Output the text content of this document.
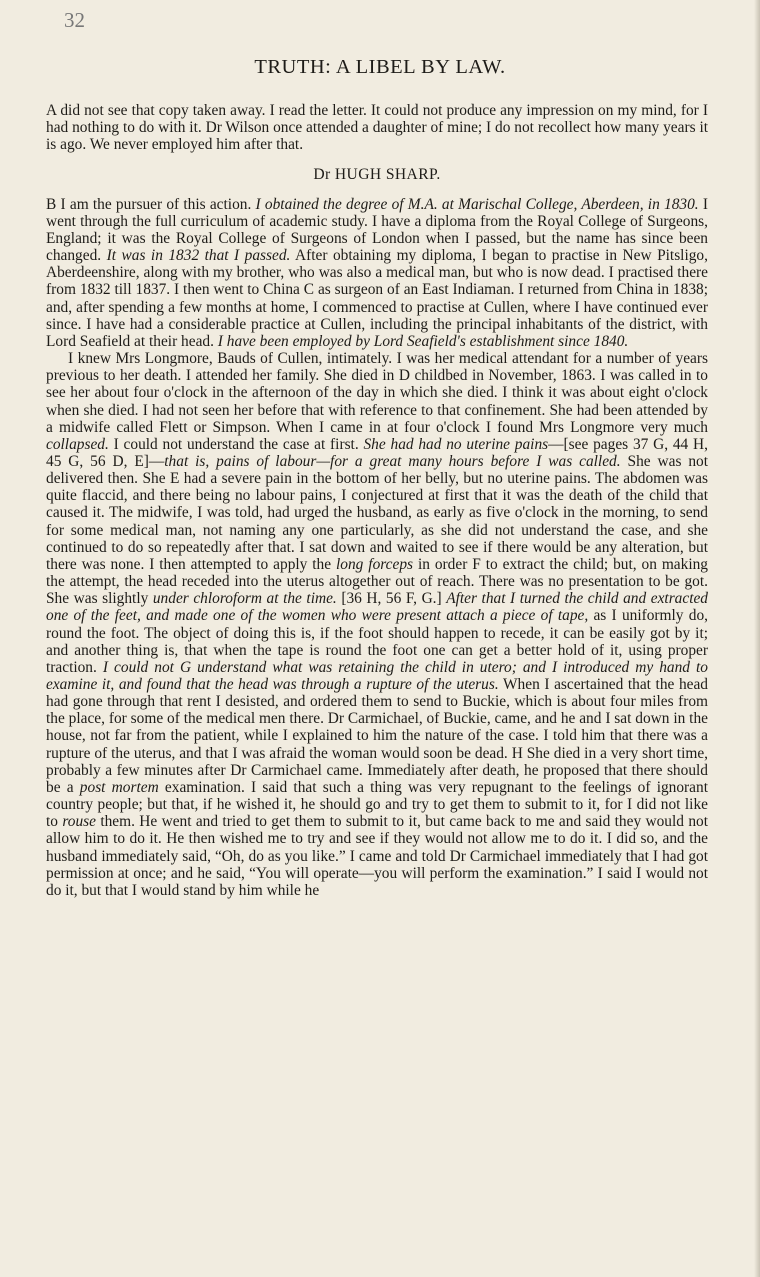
32
TRUTH: A LIBEL BY LAW.

A did not see that copy taken away. I read the letter. It could not produce any impression on my mind, for I had nothing to do with it. Dr Wilson once attended a daughter of mine; I do not recollect how many years it is ago. We never employed him after that.

Dr HUGH SHARP.

B I am the pursuer of this action. I obtained the degree of M.A. at Marischal College, Aberdeen, in 1830. I went through the full curriculum of academic study. I have a diploma from the Royal College of Surgeons, England; it was the Royal College of Surgeons of London when I passed, but the name has since been changed. It was in 1832 that I passed. After obtaining my diploma, I began to practise in New Pitsligo, Aberdeenshire, along with my brother, who was also a medical man, but who is now dead. I practised there from 1832 till 1837. I then went to China C as surgeon of an East Indiaman. I returned from China in 1838; and, after spending a few months at home, I commenced to practise at Cullen, where I have continued ever since. I have had a considerable practice at Cullen, including the principal inhabitants of the district, with Lord Seafield at their head. I have been employed by Lord Seafield's establishment since 1840.

I knew Mrs Longmore, Bauds of Cullen, intimately. I was her medical attendant for a number of years previous to her death. I attended her family. She died in D childbed in November, 1863. I was called in to see her about four o'clock in the afternoon of the day in which she died. I think it was about eight o'clock when she died. I had not seen her before that with reference to that confinement. She had been attended by a midwife called Flett or Simpson. When I came in at four o'clock I found Mrs Longmore very much collapsed. I could not understand the case at first. She had had no uterine pains—[see pages 37 G, 44 H, 45 G, 56 D, E]—that is, pains of labour—for a great many hours before I was called. She was not delivered then. She E had a severe pain in the bottom of her belly, but no uterine pains. The abdomen was quite flaccid, and there being no labour pains, I conjectured at first that it was the death of the child that caused it. The midwife, I was told, had urged the husband, as early as five o'clock in the morning, to send for some medical man, not naming any one particularly, as she did not understand the case, and she continued to do so repeatedly after that. I sat down and waited to see if there would be any alteration, but there was none. I then attempted to apply the long forceps in order F to extract the child; but, on making the attempt, the head receded into the uterus altogether out of reach. There was no presentation to be got. She was slightly under chloroform at the time. [36 H, 56 F, G.] After that I turned the child and extracted one of the feet, and made one of the women who were present attach a piece of tape, as I uniformly do, round the foot. The object of doing this is, if the foot should happen to recede, it can be easily got by it; and another thing is, that when the tape is round the foot one can get a better hold of it, using proper traction. I could not G understand what was retaining the child in utero; and I introduced my hand to examine it, and found that the head was through a rupture of the uterus. When I ascertained that the head had gone through that rent I desisted, and ordered them to send to Buckie, which is about four miles from the place, for some of the medical men there. Dr Carmichael, of Buckie, came, and he and I sat down in the house, not far from the patient, while I explained to him the nature of the case. I told him that there was a rupture of the uterus, and that I was afraid the woman would soon be dead. H She died in a very short time, probably a few minutes after Dr Carmichael came. Immediately after death, he proposed that there should be a post mortem examination. I said that such a thing was very repugnant to the feelings of ignorant country people; but that, if he wished it, he should go and try to get them to submit to it, for I did not like to rouse them. He went and tried to get them to submit to it, but came back to me and said they would not allow him to do it. He then wished me to try and see if they would not allow me to do it. I did so, and the husband immediately said, “Oh, do as you like.” I came and told Dr Carmichael immediately that I had got permission at once; and he said, “You will operate—you will perform the examination.” I said I would not do it, but that I would stand by him while he
